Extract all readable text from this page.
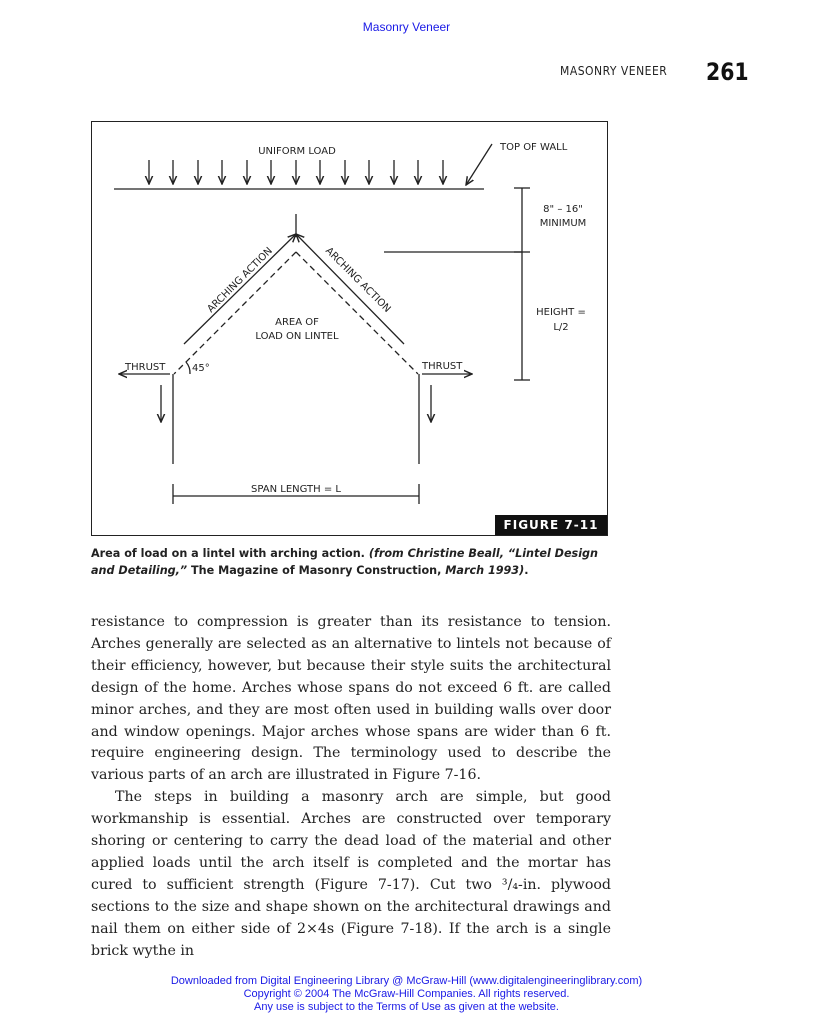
Masonry Veneer
MASONRY VENEER 261
UNIFORM LOAD	TOP OF WALL
8" – 16"
MINIMUM
ARCHING ACTION	ARCHING ACTION
AREA OF
LOAD ON LINTEL
HEIGHT =
L/2
THRUST	THRUST
45°
SPAN LENGTH = L
FIGURE 7-11
Area of load on a lintel with arching action. (from Christine Beall, “Lintel Design and Detailing,” The Magazine of Masonry Construction, March 1993).

resistance to compression is greater than its resistance to tension. Arches generally are selected as an alternative to lintels not because of their efficiency, however, but because their style suits the architectural design of the home. Arches whose spans do not exceed 6 ft. are called minor arches, and they are most often used in building walls over door and window openings. Major arches whose spans are wider than 6 ft. require engineering design. The terminology used to describe the various parts of an arch are illustrated in Figure 7-16.

The steps in building a masonry arch are simple, but good workmanship is essential. Arches are constructed over temporary shoring or centering to carry the dead load of the material and other applied loads until the arch itself is completed and the mortar has cured to sufficient strength (Figure 7-17). Cut two ³/₄-in. plywood sections to the size and shape shown on the architectural drawings and nail them on either side of 2×4s (Figure 7-18). If the arch is a single brick wythe in

Downloaded from Digital Engineering Library @ McGraw-Hill (www.digitalengineeringlibrary.com)
Copyright © 2004 The McGraw-Hill Companies. All rights reserved.
Any use is subject to the Terms of Use as given at the website.
